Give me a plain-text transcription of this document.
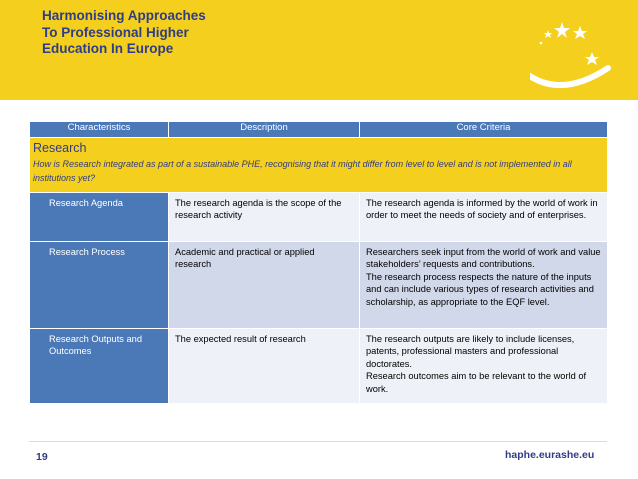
Harmonising Approaches
To Professional Higher
Education In Europe
Characteristics	Description	Core Criteria

Research
How is Research integrated as part of a sustainable PHE, recognising that it might differ from level to level and is not implemented in all institutions yet?		

Research Agenda	The research agenda is the scope of the research activity	The research agenda is informed by the world of work in order to meet the needs of society and of enterprises.
Research Process	Academic and practical or applied research	Researchers seek input from the world of work and value stakeholders’ requests and contributions.
The research process respects the nature of the inputs and can include various types of research activities and scholarship, as appropriate to the EQF level.
Research Outputs and Outcomes	The expected result of research	The research outputs are likely to include licenses, patents, professional masters and professional doctorates.
Research outcomes aim to be relevant to the world of work.
19	haphe.eurashe.eu
